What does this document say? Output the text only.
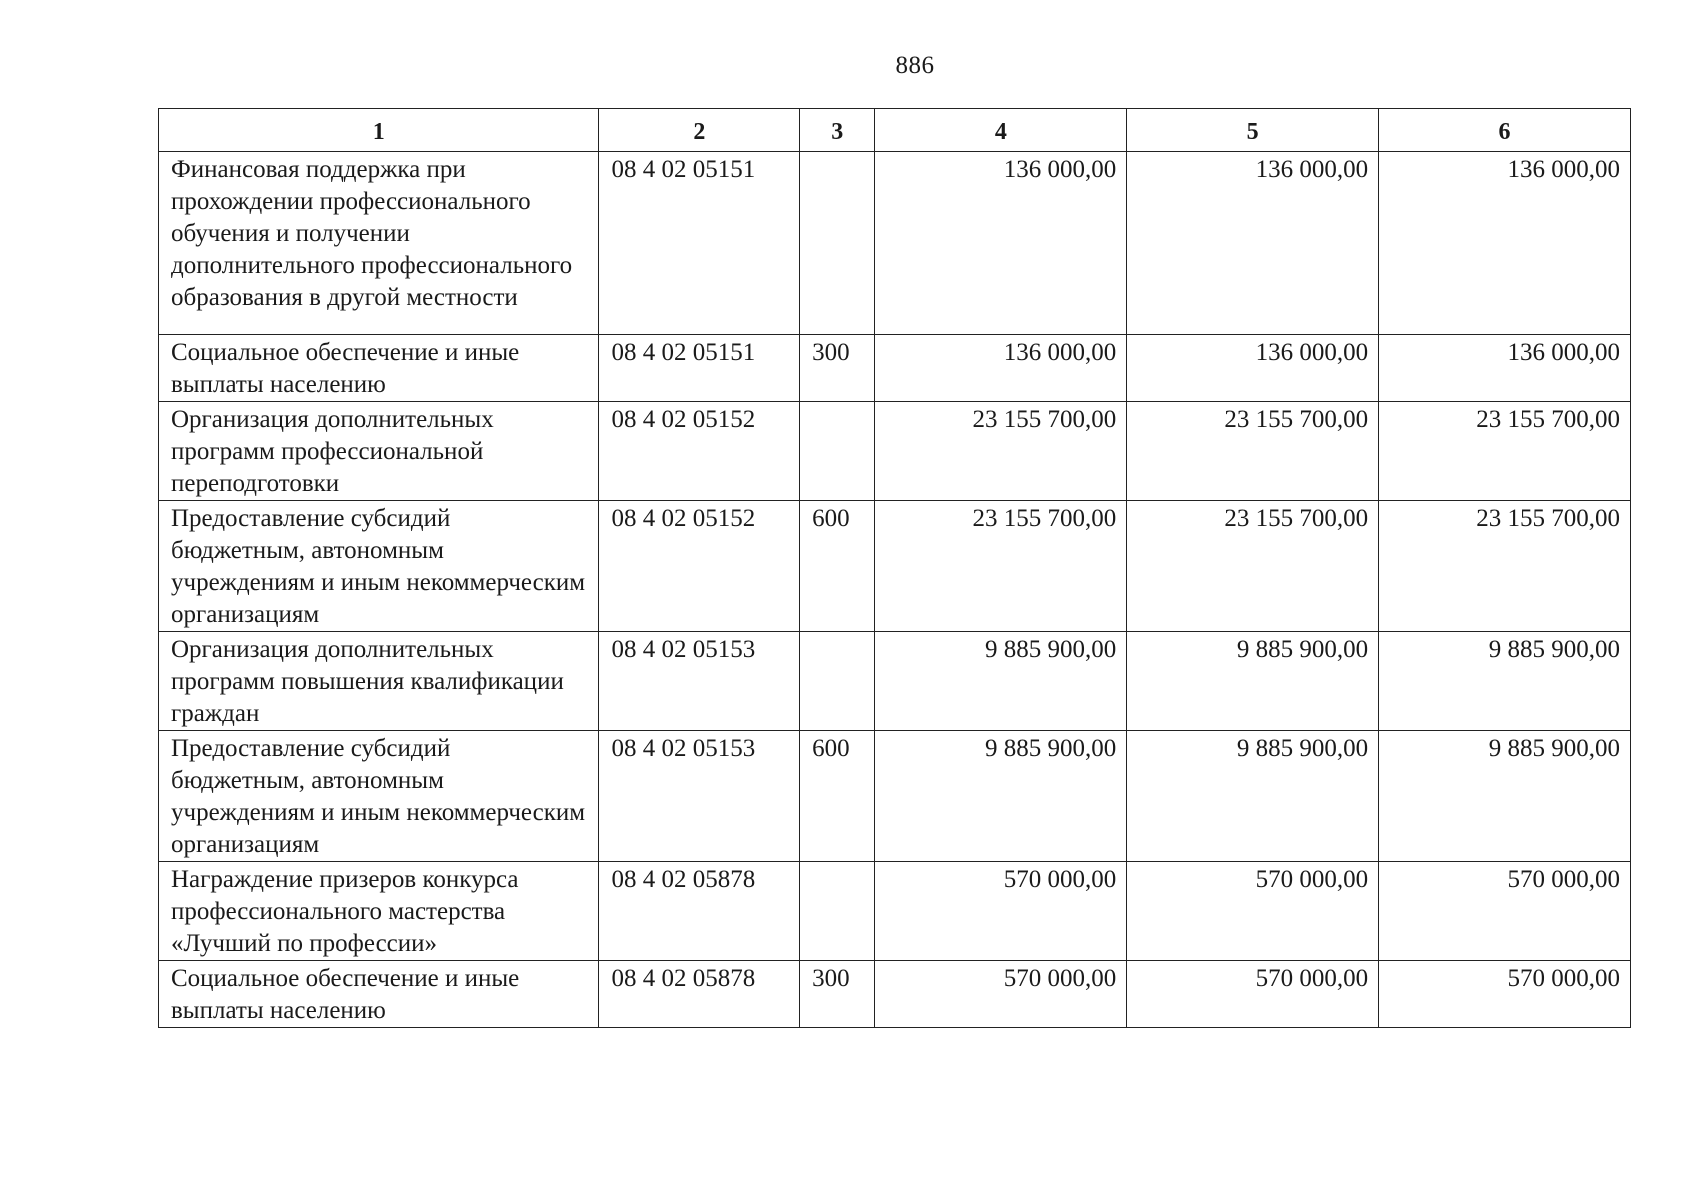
886
1	2	3	4	5	6
Финансовая поддержка при прохождении профессионального обучения и получении дополнительного профессионального образования в другой местности	08 4 02 05151		136 000,00	136 000,00	136 000,00
Социальное обеспечение и иные выплаты населению	08 4 02 05151	300	136 000,00	136 000,00	136 000,00
Организация дополнительных программ профессиональной переподготовки	08 4 02 05152		23 155 700,00	23 155 700,00	23 155 700,00
Предоставление субсидий бюджетным, автономным учреждениям и иным некоммерческим организациям	08 4 02 05152	600	23 155 700,00	23 155 700,00	23 155 700,00
Организация дополнительных программ повышения квалификации граждан	08 4 02 05153		9 885 900,00	9 885 900,00	9 885 900,00
Предоставление субсидий бюджетным, автономным учреждениям и иным некоммерческим организациям	08 4 02 05153	600	9 885 900,00	9 885 900,00	9 885 900,00
Награждение призеров конкурса профессионального мастерства «Лучший по профессии»	08 4 02 05878		570 000,00	570 000,00	570 000,00
Социальное обеспечение и иные выплаты населению	08 4 02 05878	300	570 000,00	570 000,00	570 000,00
